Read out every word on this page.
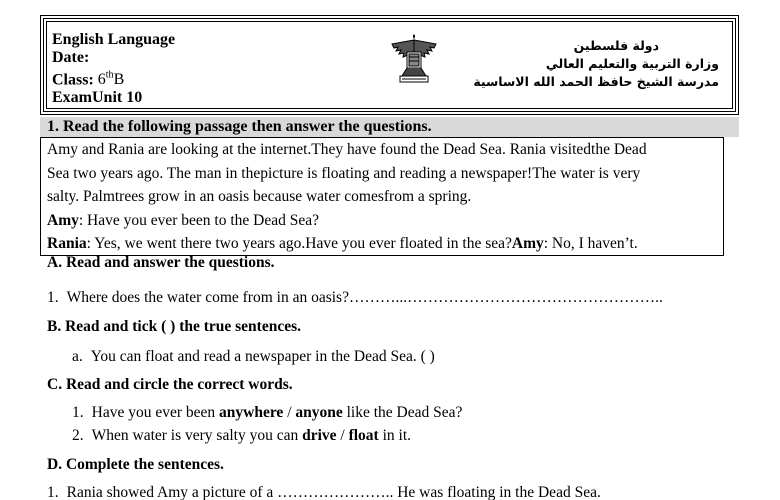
English Language
Date:
Class: 6thB
ExamUnit 10
دولة فلسطين
وزارة التربية والتعليم العالي
مدرسة الشيخ حافظ الحمد الله الاساسية
1. Read the following passage then answer the questions.

Amy and Rania are looking at the internet.They have found the Dead Sea. Rania visitedthe Dead

Sea two years ago. The man in thepicture is floating and reading a newspaper!The water is very

salty. Palmtrees grow in an oasis because water comesfrom a spring.

Amy: Have you ever been to the Dead Sea?

Rania: Yes, we went there two years ago.Have you ever floated in the sea?Amy: No, I haven’t.

A. Read and answer the questions.
1. Where does the water come from in an oasis?………...…………………………………………..
B. Read and tick ( ) the true sentences.
a. You can float and read a newspaper in the Dead Sea. ( )
C. Read and circle the correct words.
1. Have you ever been anywhere / anyone like the Dead Sea?
2. When water is very salty you can drive / float in it.
D. Complete the sentences.
1. Rania showed Amy a picture of a ………………….. He was floating in the Dead Sea.
